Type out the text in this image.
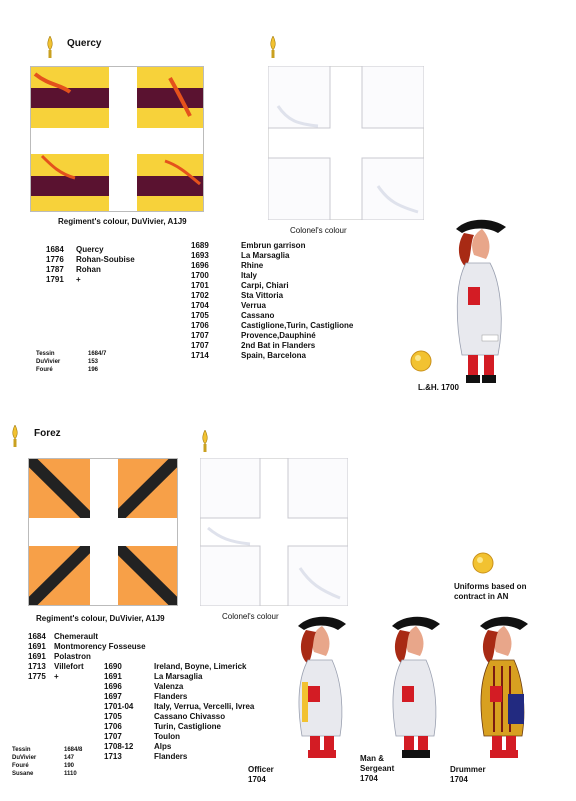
Quercy
Regiment's colour, DuVivier, A1J9
Colonel's colour
1684	Quercy
1776	Rohan-Soubise
1787	Rohan
1791	+
1689	Embrun garrison
1693	La Marsaglia
1696	Rhine
1700	Italy
1701	Carpi, Chiari
1702	Sta Vittoria
1704	Verrua
1705	Cassano
1706	Castiglione,Turin, Castiglione
1707	Provence,Dauphiné
1707	2nd Bat in Flanders
1714	Spain, Barcelona
Tessin	1684/7
DuVivier	153
Fouré	196
L.&H. 1700
Forez
Regiment's colour, DuVivier, A1J9	Colonel's colour
1684	Chemerault
1691	Montmorency Fosseuse
1691	Polastron
1713	Villefort
1775	+
1690	Ireland, Boyne, Limerick
1691	La Marsaglia
1696	Valenza
1697	Flanders
1701-04	Italy, Verrua, Vercelli, Ivrea
1705	Cassano Chivasso
1706	Turin, Castiglione
1707	Toulon
1708-12	Alps
1713	Flanders
Tessin	1684/8
DuVivier	147
Fouré	190
Susane	1110
Uniforms based on contract in AN
Officer
1704
Man & Sergeant
1704
Drummer
1704
